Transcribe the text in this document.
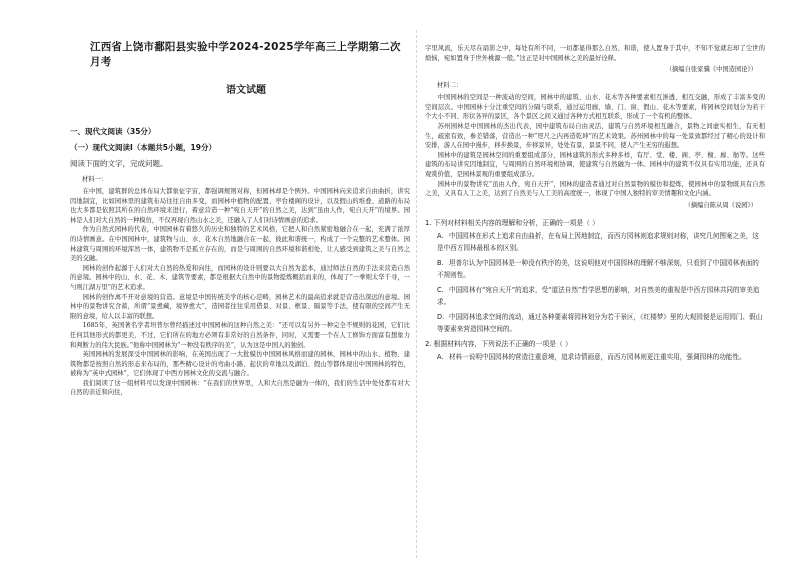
江西省上饶市鄱阳县实验中学2024-2025学年高三上学期第二次月考
语文试题
一、现代文阅读（35分）
（一）现代文阅读Ⅰ（本题共5小题，19分）
阅读下面的文字，完成问题。
材料一：

在中国，建筑群的总体布局大都象征宇宙，都强调规则对称，但园林却是个例外。中国园林向来追求自由曲折，讲究因地制宜，比如园林里的建筑布局往往自由多变，而园林中植物的配置、亭台楼阁的设计，以及假山的堆叠、道路的布局也大多都是依照其所在的自然环境来进行，着意营造一种“宛自天开”的自然之美，达到“虽由人作，宛自天开”的境界。园林是人们对大自然的一种模仿，不仅再现自然山水之美，还融入了人们对诗情画意的追求。

作为自然式园林的代表，中国园林有着悠久的历史和独特的艺术风格，它把人和自然紧密地融合在一起，充满了浓厚的诗情画意。在中国园林中，建筑物与山、水、花木自然地融合在一起，彼此和谐统一，构成了一个完整的艺术整体。园林建筑与周围的环境浑然一体，建筑物不是孤立存在的，而是与周围的自然环境和谐相处，让人感受到建筑之美与自然之美的交融。

园林的创作起源于人们对大自然的热爱和向往，而园林的设计则要以大自然为蓝本，通过师法自然的手法来营造自然的意境。园林中的山、水、花、木、建筑等要素，都是根据大自然中的景物提炼概括而来的，体现了“一拳则太华千寻，一勺则江湖万里”的艺术追求。

园林的创作离不开对意境的营造。意境是中国传统美学的核心范畴，园林艺术的最高追求就是营造出深远的意境。园林中的景物讲究含蓄，所谓“景愈藏，境界愈大”，造园者往往采用借景、对景、框景、隔景等手法，使有限的空间产生无限的意境，给人以丰富的联想。

1685年，英国著名学者坦普尔曾经描述过中国园林的这种自然之美：“还可以有另外一种完全不规则的花园，它们比任何其他形式的都更美，不过，它们所在的地方必须有非常好的自然条件，同时，又需要一个在人工修饰方面富有想象力和判断力的伟大民族。”他称中国园林为“一种没有秩序的美”，认为这是中国人的独创。

英国园林的发展深受中国园林的影响，在英国出现了一大批模仿中国园林风格而建的园林，园林中的山水、植物、建筑物都是按照自然的形态来布局的，那些精心设计的弯曲小路、起伏的草地以及湖泊、假山等都体现出中国园林的特色，被称为“英中式园林”，它们体现了中西方园林文化的交流与融合。

我们阅读了这一组材料可以发现中国园林：“在我们的世界里，人和大自然是融为一体的，我们的生活中处处都有对大自然的亲近和向往，

字里风流，乐天尽在扇影之中，每处有所不同，一切都显得那么自然、和谐，使人置身于其中，不知不觉就忘却了尘世的烦恼，宛如置身于世外桃源一般。”这正是对中国园林之美的最好诠释。

（摘编自张家骥《中国造园论》）
材料二：

中国园林的空间是一种流动的空间，园林中的建筑、山水、花木等各种要素相互渗透、相互交融，形成了丰富多变的空间层次。中国园林十分注重空间的分隔与联系，通过运用廊、墙、门、窗、假山、花木等要素，将园林空间划分为若干个大小不同、形状各异的景区，各个景区之间又通过各种方式相互联系，形成了一个有机的整体。

苏州园林是中国园林的杰出代表，园中建筑布局自由灵活，建筑与自然环境相互融合，景物之间虚实相生，有无相生，疏密有致，参差错落，营造出一种“咫尺之内再造乾坤”的艺术效果。苏州园林中的每一处景致都经过了精心的设计和安排，游人在园中漫步，移步换景，步移景异，处处有景，景景不同，使人产生无穷的遐想。

园林中的建筑是园林空间的重要组成部分，园林建筑的形式多种多样，有厅、堂、楼、阁、亭、榭、廊、舫等。这些建筑的布局讲究因地制宜，与周围的自然环境相协调，使建筑与自然融为一体。园林中的建筑不仅具有实用功能，还具有观赏价值，是园林景观的重要组成部分。

园林中的景物讲究“虽由人作，宛自天开”，园林的建造者通过对自然景物的模仿和提炼，使园林中的景物既具有自然之美，又具有人工之美，达到了自然美与人工美的高度统一，体现了中国人独特的审美情趣和文化内涵。

（摘编自陈从周《说园》）
1. 下列对材料相关内容的理解和分析，正确的一项是（ ）

A. 中国园林在形式上追求自由曲折，在布局上因地制宜，而西方园林则追求规则对称，讲究几何图案之美，这是中西方园林最根本的区别。

B. 坦普尔认为中国园林是一种没有秩序的美，这说明他对中国园林的理解不够深刻，只看到了中国园林表面的不规则性。

C. 中国园林有“宛自天开”的追求，受“道法自然”哲学思想的影响，对自然美的重视是中西方园林共同的审美追求。

D. 中国园林追求空间的流动，通过各种要素将园林划分为若干景区，《红楼梦》里的大观园便是运用园门、假山等要素来营造园林空间的。

2. 根据材料内容，下列说法不正确的一项是（ ）

A. 材料一说明中国园林的营造注重意境，追求诗情画意，而西方园林则更注重实用，强调园林的功能性。
